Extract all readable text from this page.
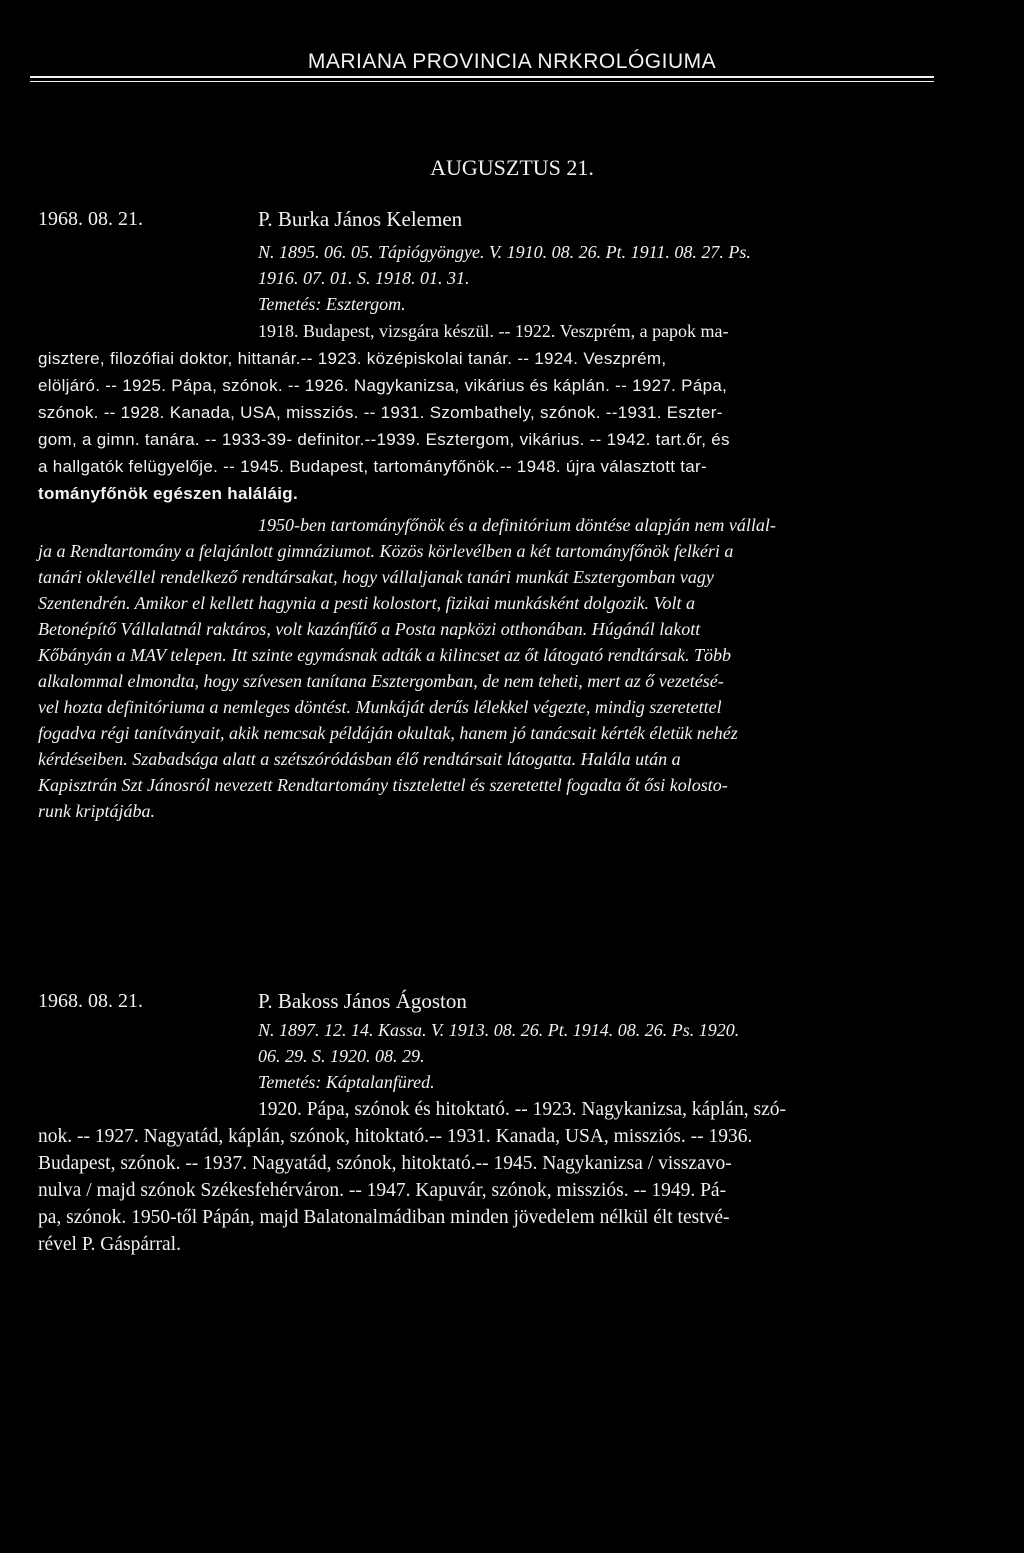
MARIANA PROVINCIA NRKROLÓGIUMA
AUGUSZTUS 21.
1968. 08. 21.	P. Burka János Kelemen
N. 1895. 06. 05. Tápiógyöngye. V. 1910. 08. 26. Pt. 1911. 08. 27. Ps.
1916. 07. 01. S. 1918. 01. 31.
Temetés: Esztergom.
1918. Budapest, vizsgára készül. -- 1922. Veszprém, a papok ma-
gisztere, filozófiai doktor, hittanár.-- 1923. középiskolai tanár. -- 1924. Veszprém,
elöljáró. -- 1925. Pápa, szónok. -- 1926. Nagykanizsa, vikárius és káplán. -- 1927. Pápa,
szónok. -- 1928. Kanada, USA, missziós. -- 1931. Szombathely, szónok. --1931. Eszter-
gom, a gimn. tanára. -- 1933-39- definitor.--1939. Esztergom, vikárius. -- 1942. tart.őr, és
a hallgatók felügyelője. -- 1945. Budapest, tartományfőnök.-- 1948. újra választott tar-
tományfőnök egészen haláláig.
1950-ben tartományfőnök és a definitórium döntése alapján nem vállal-
ja a Rendtartomány a felajánlott gimnáziumot. Közös körlevélben a két tartományfőnök felkéri a
tanári oklevéllel rendelkező rendtársakat, hogy vállaljanak tanári munkát Esztergomban vagy
Szentendrén. Amikor el kellett hagynia a pesti kolostort, fizikai munkásként dolgozik. Volt a
Betonépítő Vállalatnál raktáros, volt kazánfűtő a Posta napközi otthonában. Húgánál lakott
Kőbányán a MAV telepen. Itt szinte egymásnak adták a kilincset az őt látogató rendtársak. Több
alkalommal elmondta, hogy szívesen tanítana Esztergomban, de nem teheti, mert az ő vezetésé-
vel hozta definitóriuma a nemleges döntést. Munkáját derűs lélekkel végezte, mindig szeretettel
fogadva régi tanítványait, akik nemcsak példáján okultak, hanem jó tanácsait kérték életük nehéz
kérdéseiben. Szabadsága alatt a szétszóródásban élő rendtársait látogatta. Halála után a
Kapisztrán Szt Jánosról nevezett Rendtartomány tisztelettel és szeretettel fogadta őt ősi kolosto-
runk kriptájába.
1968. 08. 21.	P. Bakoss János Ágoston
N. 1897. 12. 14. Kassa. V. 1913. 08. 26. Pt. 1914. 08. 26. Ps. 1920.
06. 29. S. 1920. 08. 29.
Temetés: Káptalanfüred.
1920. Pápa, szónok és hitoktató. -- 1923. Nagykanizsa, káplán, szó-
nok. -- 1927. Nagyatád, káplán, szónok, hitoktató.-- 1931. Kanada, USA, missziós. -- 1936.
Budapest, szónok. -- 1937. Nagyatád, szónok, hitoktató.-- 1945. Nagykanizsa / visszavo-
nulva / majd szónok Székesfehérváron. -- 1947. Kapuvár, szónok, missziós. -- 1949. Pá-
pa, szónok. 1950-től Pápán, majd Balatonalmádiban minden jövedelem nélkül élt testvé-
rével P. Gáspárral.
